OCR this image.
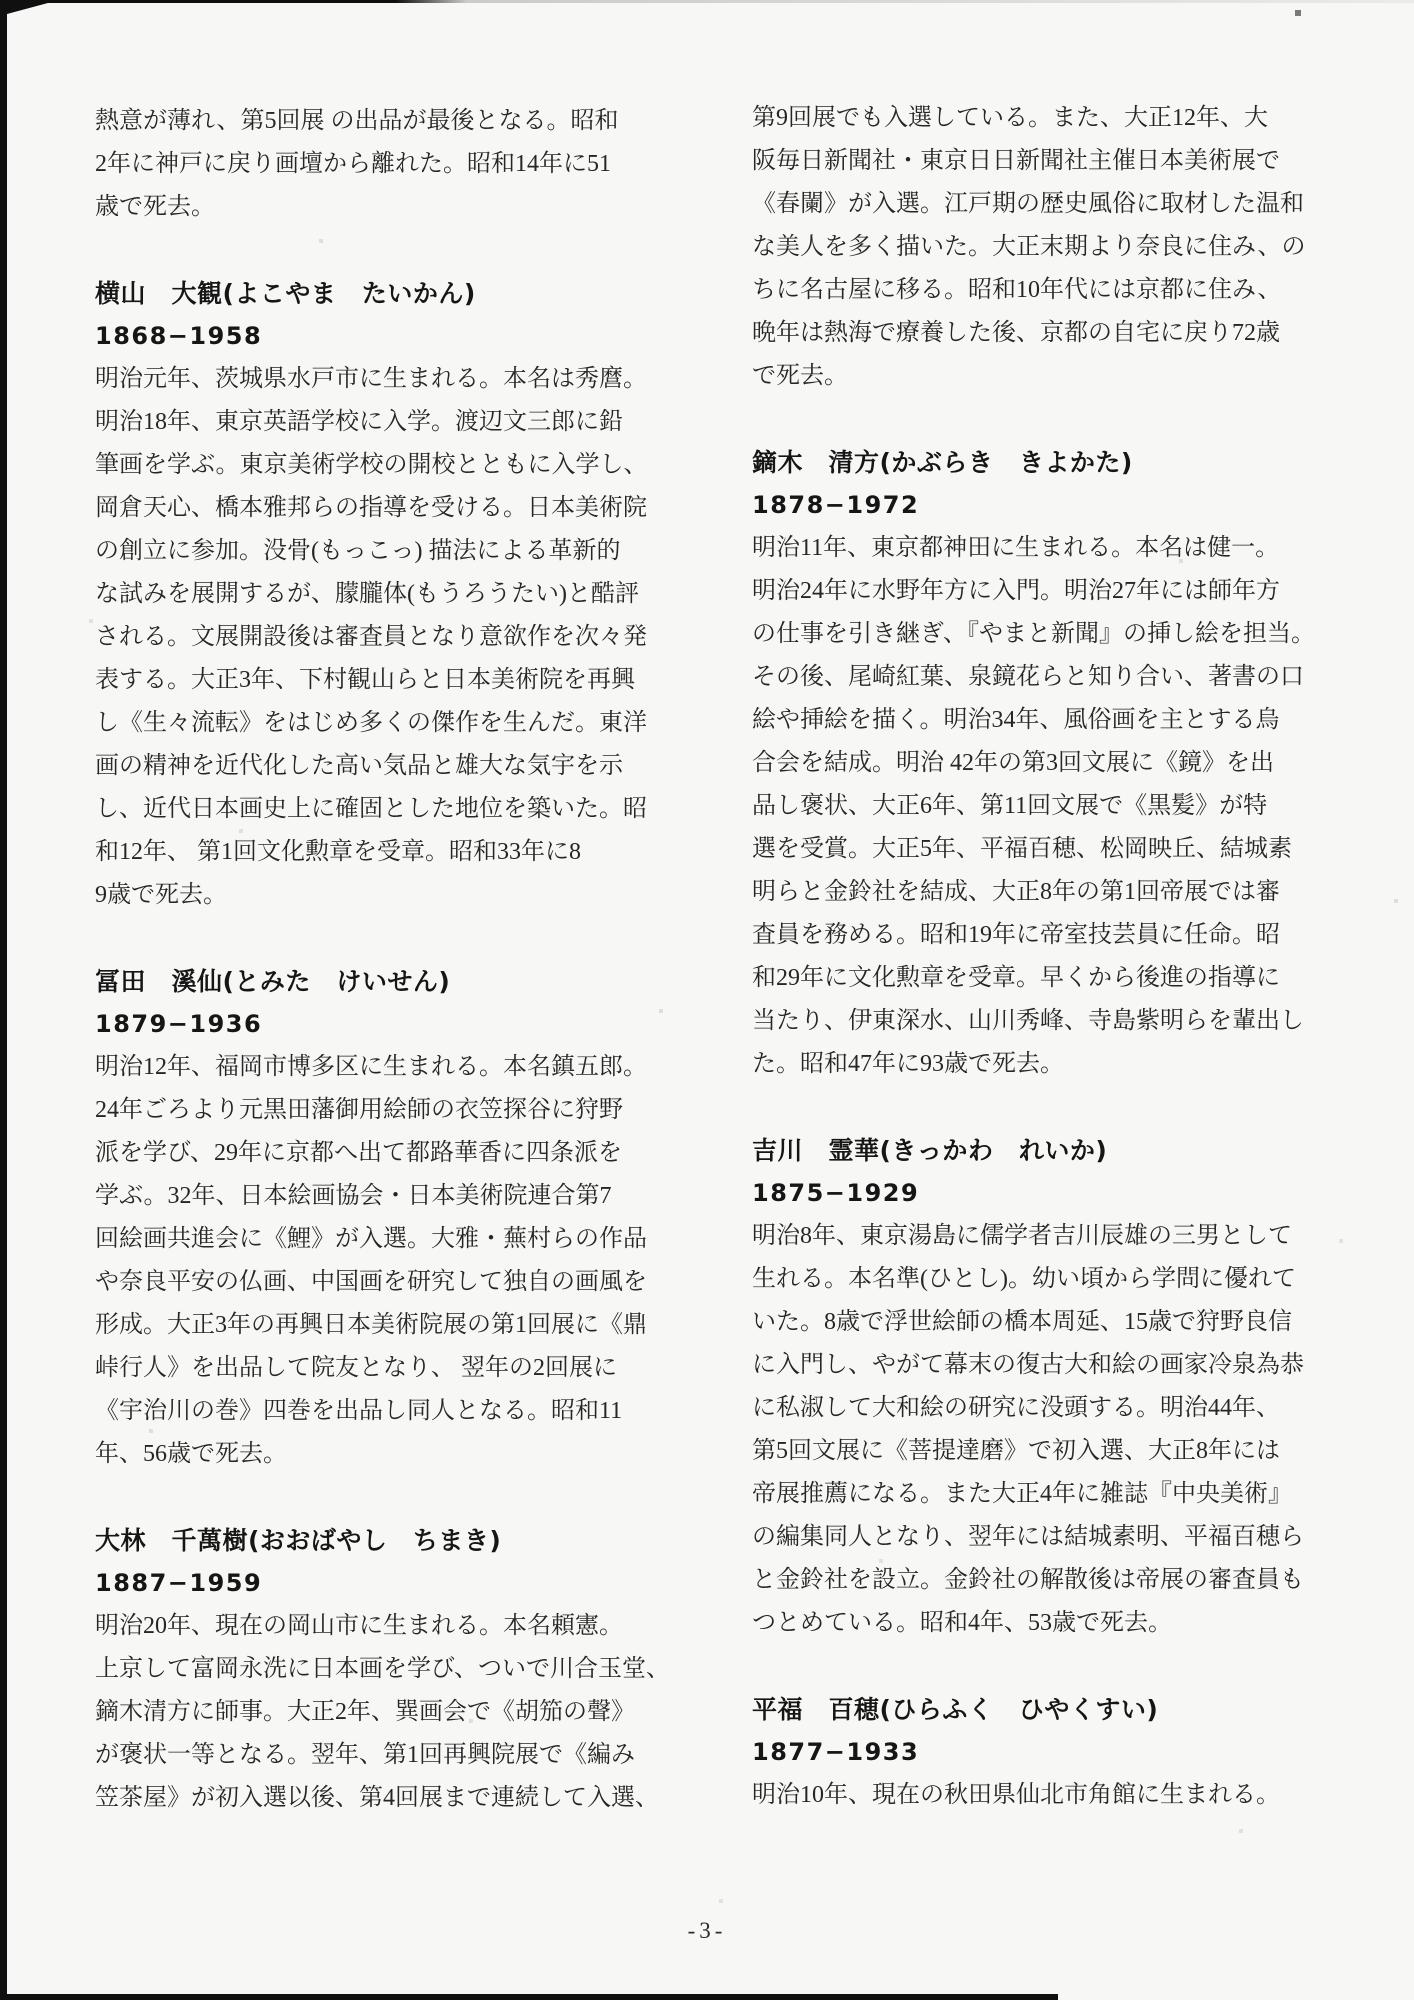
熱意が薄れ、第5回展 の出品が最後となる。昭和
2年に神戸に戻り画壇から離れた。昭和14年に51
歳で死去。
横山　大観(よこやま　たいかん)
1868−1958
明治元年、茨城県水戸市に生まれる。本名は秀麿。
明治18年、東京英語学校に入学。渡辺文三郎に鉛
筆画を学ぶ。東京美術学校の開校とともに入学し、
岡倉天心、橋本雅邦らの指導を受ける。日本美術院
の創立に参加。没骨(もっこっ) 描法による革新的
な試みを展開するが、朦朧体(もうろうたい)と酷評
される。文展開設後は審査員となり意欲作を次々発
表する。大正3年、下村観山らと日本美術院を再興
し《生々流転》をはじめ多くの傑作を生んだ。東洋
画の精神を近代化した高い気品と雄大な気宇を示
し、近代日本画史上に確固とした地位を築いた。昭
和12年、 第1回文化勲章を受章。昭和33年に8
9歳で死去。
冨田　溪仙(とみた　けいせん)
1879−1936
明治12年、福岡市博多区に生まれる。本名鎮五郎。
24年ごろより元黒田藩御用絵師の衣笠探谷に狩野
派を学び、29年に京都へ出て都路華香に四条派を
学ぶ。32年、日本絵画協会・日本美術院連合第7
回絵画共進会に《鯉》が入選。大雅・蕪村らの作品
や奈良平安の仏画、中国画を研究して独自の画風を
形成。大正3年の再興日本美術院展の第1回展に《鼎
峠行人》を出品して院友となり、 翌年の2回展に
《宇治川の巻》四巻を出品し同人となる。昭和11
年、56歳で死去。
大林　千萬樹(おおばやし　ちまき)
1887−1959
明治20年、現在の岡山市に生まれる。本名頼憲。
上京して富岡永洗に日本画を学び、ついで川合玉堂、
鏑木清方に師事。大正2年、巽画会で《胡笳の聲》
が褒状一等となる。翌年、第1回再興院展で《編み
笠茶屋》が初入選以後、第4回展まで連続して入選、
第9回展でも入選している。また、大正12年、大
阪毎日新聞社・東京日日新聞社主催日本美術展で
《春闌》が入選。江戸期の歴史風俗に取材した温和
な美人を多く描いた。大正末期より奈良に住み、の
ちに名古屋に移る。昭和10年代には京都に住み、
晩年は熱海で療養した後、京都の自宅に戻り72歳
で死去。
鏑木　清方(かぶらき　きよかた)
1878−1972
明治11年、東京都神田に生まれる。本名は健一。
明治24年に水野年方に入門。明治27年には師年方
の仕事を引き継ぎ、『やまと新聞』の挿し絵を担当。
その後、尾崎紅葉、泉鏡花らと知り合い、著書の口
絵や挿絵を描く。明治34年、風俗画を主とする烏
合会を結成。明治 42年の第3回文展に《鏡》を出
品し褒状、大正6年、第11回文展で《黒髪》が特
選を受賞。大正5年、平福百穂、松岡映丘、結城素
明らと金鈴社を結成、大正8年の第1回帝展では審
査員を務める。昭和19年に帝室技芸員に任命。昭
和29年に文化勲章を受章。早くから後進の指導に
当たり、伊東深水、山川秀峰、寺島紫明らを輩出し
た。昭和47年に93歳で死去。
吉川　霊華(きっかわ　れいか)
1875−1929
明治8年、東京湯島に儒学者吉川辰雄の三男として
生れる。本名準(ひとし)。幼い頃から学問に優れて
いた。8歳で浮世絵師の橋本周延、15歳で狩野良信
に入門し、やがて幕末の復古大和絵の画家冷泉為恭
に私淑して大和絵の研究に没頭する。明治44年、
第5回文展に《菩提達磨》で初入選、大正8年には
帝展推薦になる。また大正4年に雑誌『中央美術』
の編集同人となり、翌年には結城素明、平福百穂ら
と金鈴社を設立。金鈴社の解散後は帝展の審査員も
つとめている。昭和4年、53歳で死去。
平福　百穂(ひらふく　ひやくすい)
1877−1933
明治10年、現在の秋田県仙北市角館に生まれる。
-3-
